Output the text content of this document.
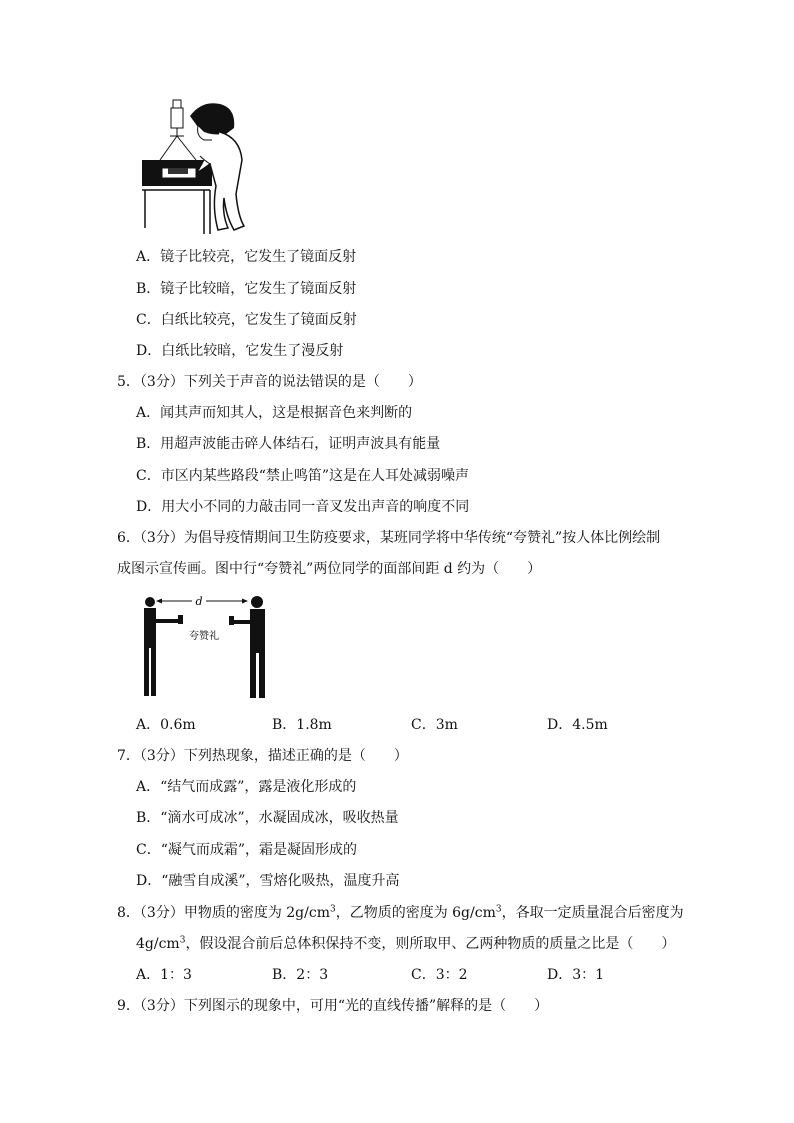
A．镜子比较亮，它发生了镜面反射
B．镜子比较暗，它发生了镜面反射
C．白纸比较亮，它发生了镜面反射
D．白纸比较暗，它发生了漫反射
5．（3分）下列关于声音的说法错误的是（　　）
A．闻其声而知其人，这是根据音色来判断的
B．用超声波能击碎人体结石，证明声波具有能量
C．市区内某些路段“禁止鸣笛”这是在人耳处减弱噪声
D．用大小不同的力敲击同一音叉发出声音的响度不同
6．（3分）为倡导疫情期间卫生防疫要求，某班同学将中华传统“夸赞礼”按人体比例绘制
成图示宣传画。图中行“夸赞礼”两位同学的面部间距 d 约为（　　）
d
夸赞礼
A．0.6m	B．1.8m	C．3m	D．4.5m
7．（3分）下列热现象，描述正确的是（　　）
A．“结气而成露”，露是液化形成的
B．“滴水可成冰”，水凝固成冰，吸收热量
C．“凝气而成霜”，霜是凝固形成的
D．“融雪自成溪”，雪熔化吸热，温度升高
8．（3分）甲物质的密度为 $2g/cm^3$，乙物质的密度为 $6g/cm^3$，各取一定质量混合后密度为
$4g/cm^3$，假设混合前后总体积保持不变，则所取甲、乙两种物质的质量之比是（　　）
A．1：3	B．2：3	C．3：2	D．3：1
9．（3分）下列图示的现象中，可用“光的直线传播”解释的是（　　）
